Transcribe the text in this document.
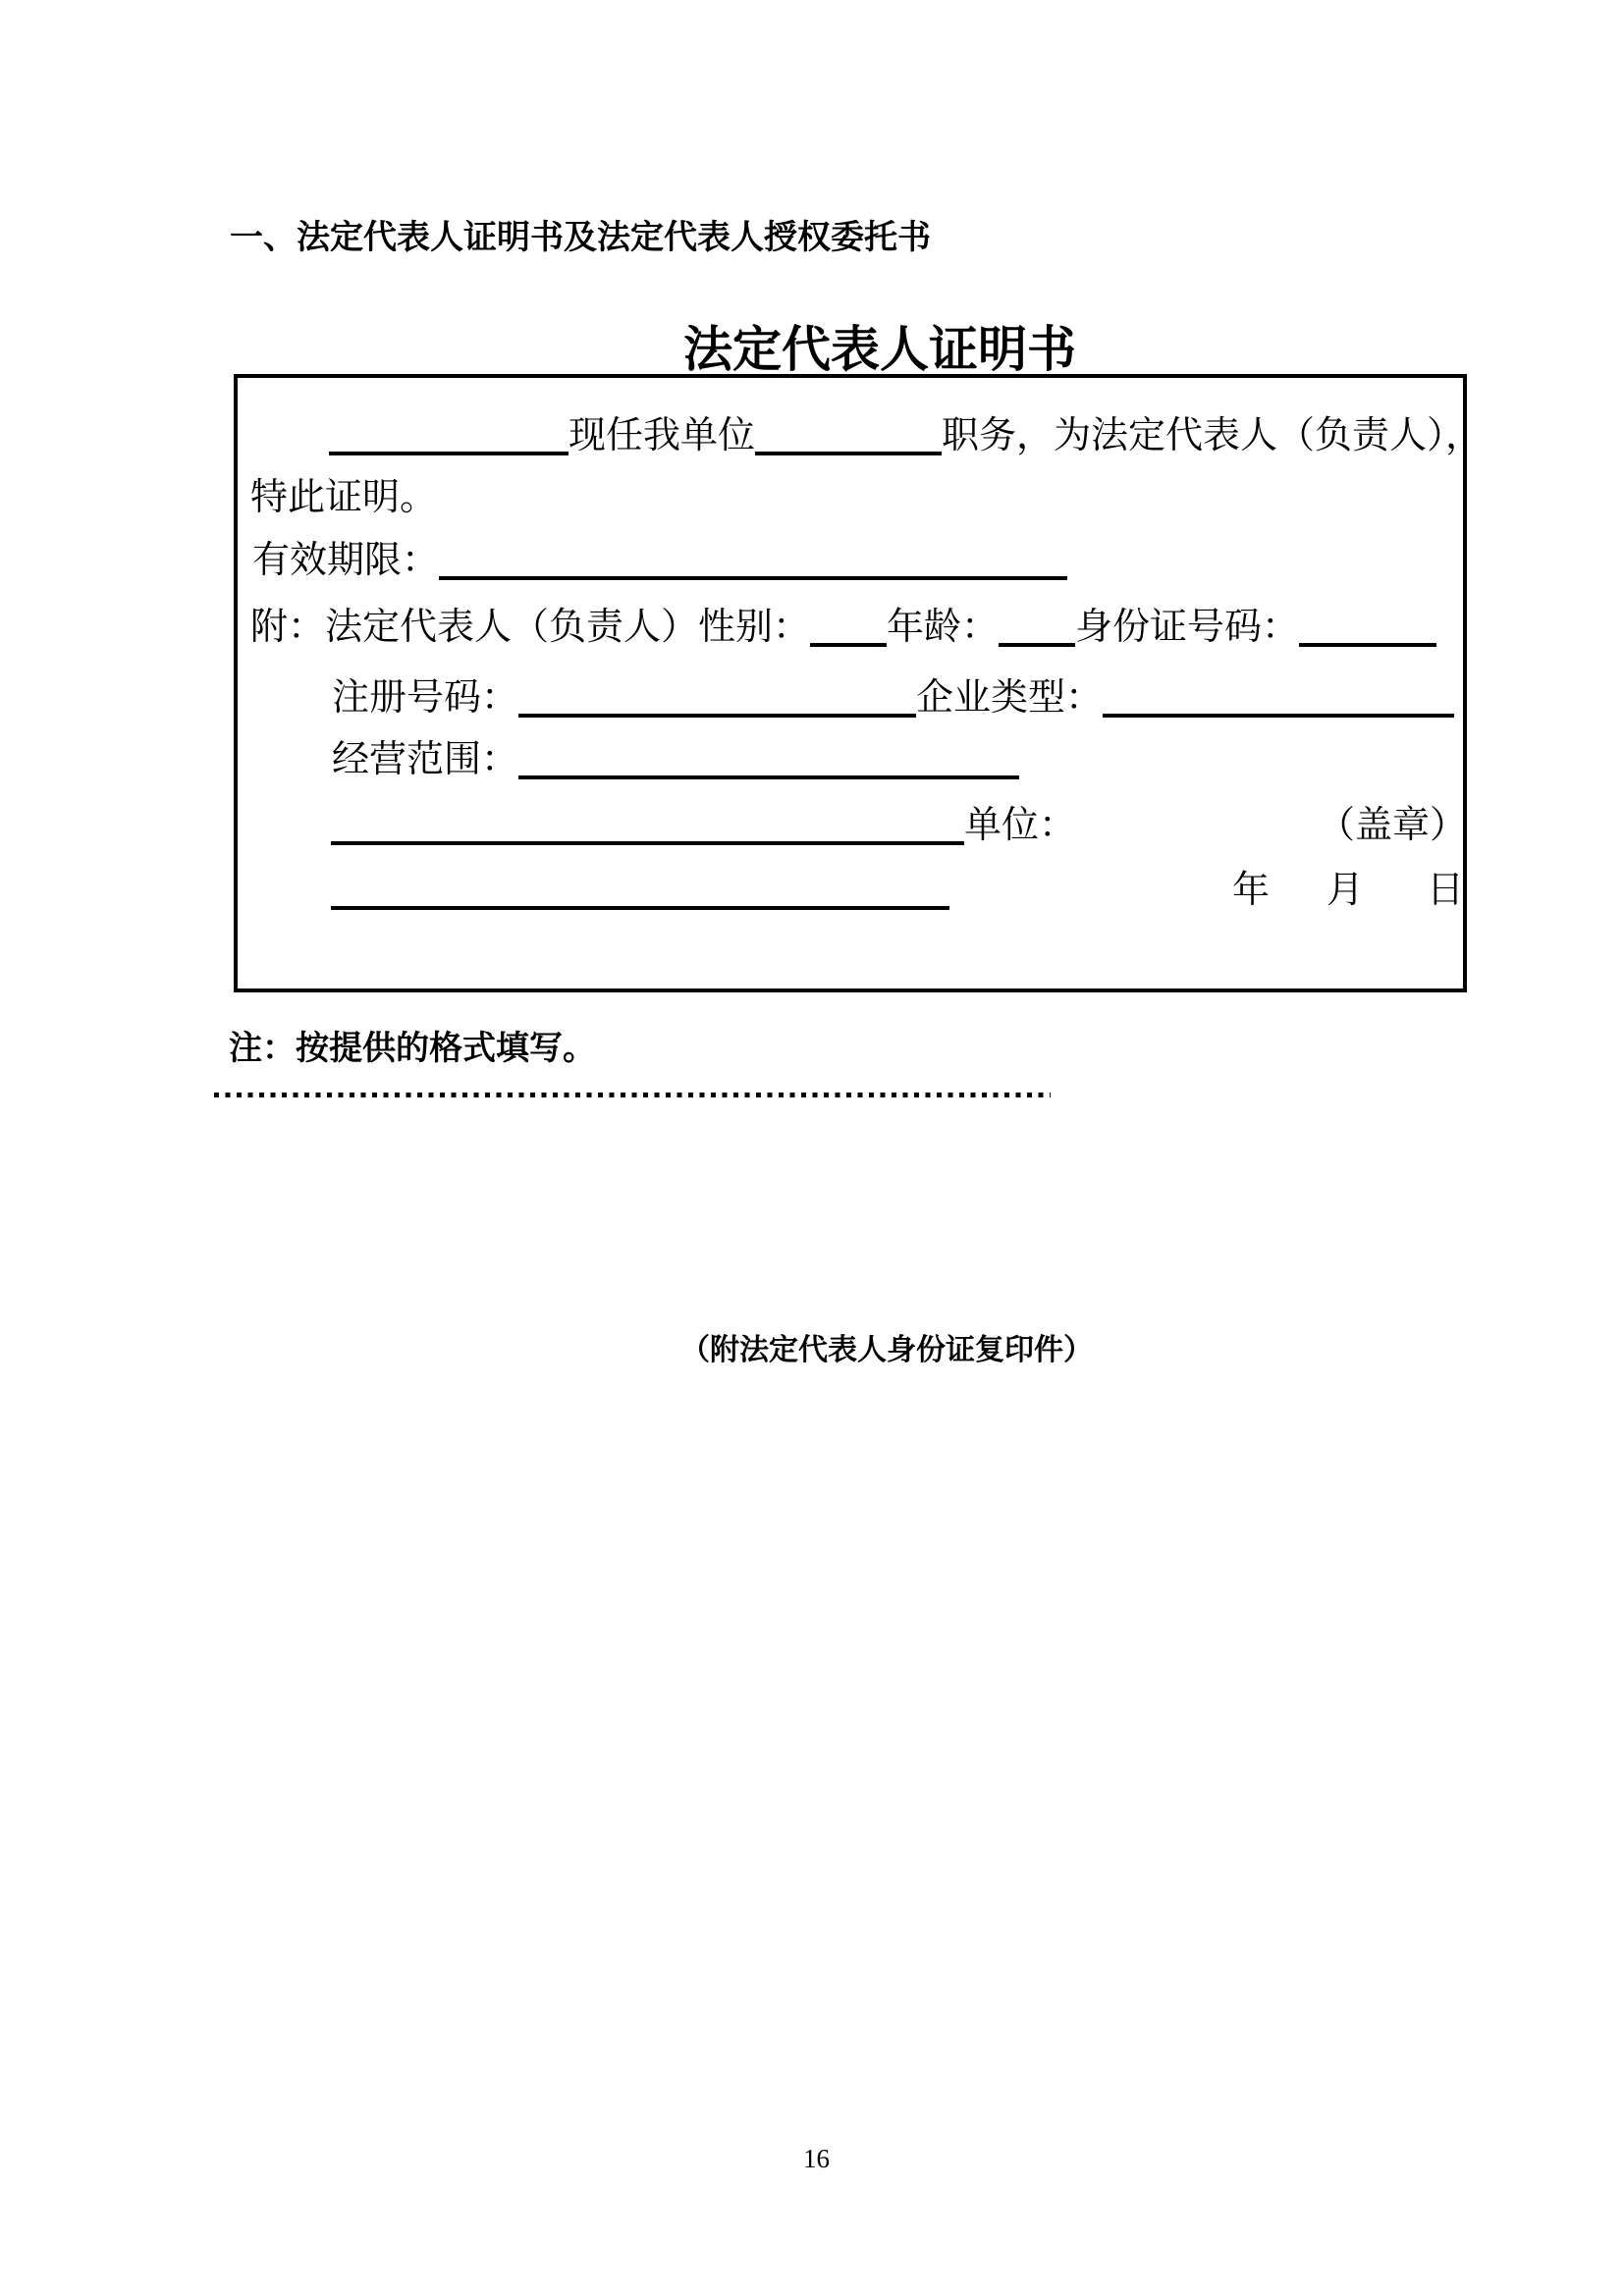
一、法定代表人证明书及法定代表人授权委托书
法定代表人证明书
现任我单位	职务，为法定代表人（负责人），
特此证明。
有效期限：
附：法定代表人（负责人）性别： 年龄： 身份证号码：
注册号码：	企业类型：
经营范围：
单位：	（盖章）
年 月 日
注：按提供的格式填写。
（附法定代表人身份证复印件）
16
